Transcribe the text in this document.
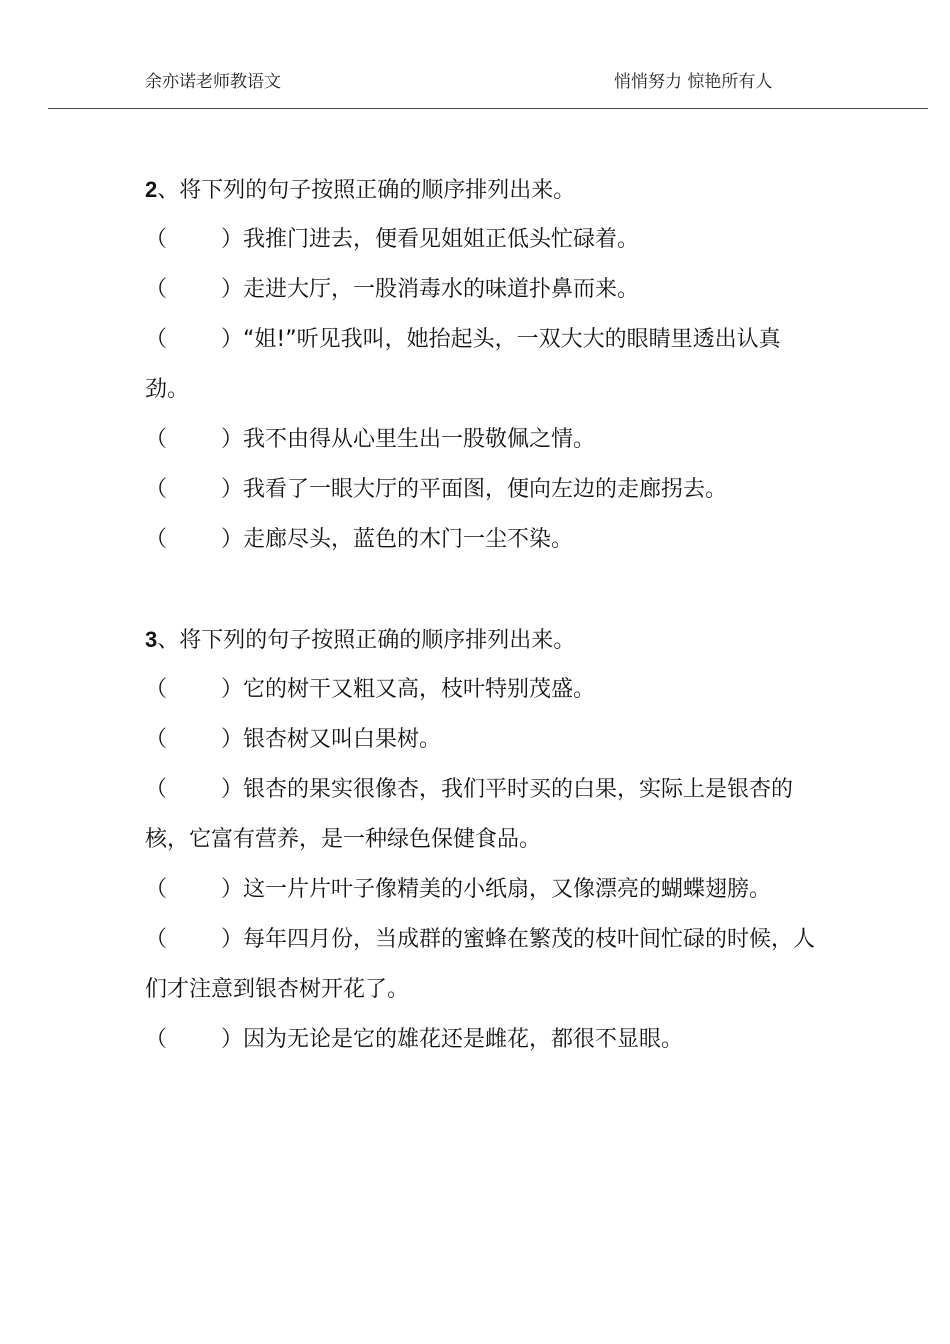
余亦诺老师教语文	悄悄努力 惊艳所有人
2、将下列的句子按照正确的顺序排列出来。
（ ）我推门进去，便看见姐姐正低头忙碌着。
（ ）走进大厅，一股消毒水的味道扑鼻而来。
（ ）“姐!”听见我叫，她抬起头，一双大大的眼睛里透出认真劲。
（ ）我不由得从心里生出一股敬佩之情。
（ ）我看了一眼大厅的平面图，便向左边的走廊拐去。
（ ）走廊尽头，蓝色的木门一尘不染。
3、将下列的句子按照正确的顺序排列出来。
（ ）它的树干又粗又高，枝叶特别茂盛。
（ ）银杏树又叫白果树。
（ ）银杏的果实很像杏，我们平时买的白果，实际上是银杏的核，它富有营养，是一种绿色保健食品。
（ ）这一片片叶子像精美的小纸扇，又像漂亮的蝴蝶翅膀。
（ ）每年四月份，当成群的蜜蜂在繁茂的枝叶间忙碌的时候，人们才注意到银杏树开花了。
（ ）因为无论是它的雄花还是雌花，都很不显眼。
